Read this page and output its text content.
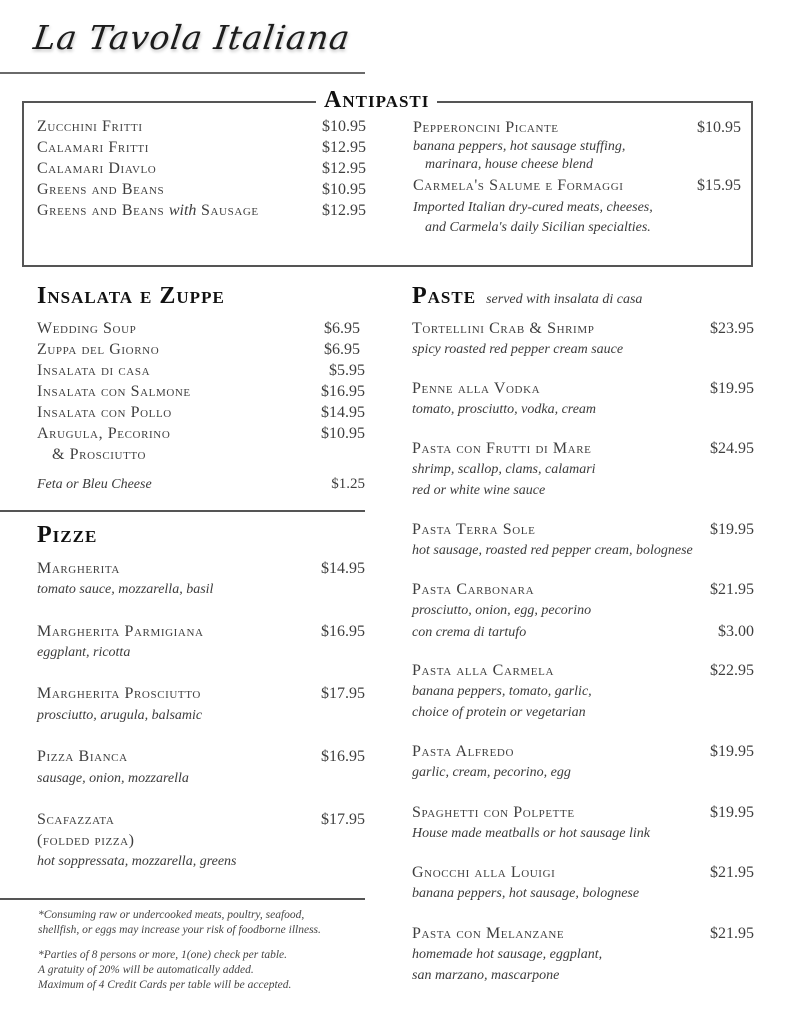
La Tavola Italiana
Antipasti
Zucchini Fritti	$10.95
Calamari Fritti	$12.95
Calamari Diavlo	$12.95
Greens and Beans	$10.95
Greens and Beans with Sausage	$12.95
Pepperoncini Picante	$10.95
banana peppers, hot sausage stuffing,
marinara, house cheese blend
Carmela's Salume e Formaggi	$15.95
Imported Italian dry-cured meats, cheeses,
and Carmela's daily Sicilian specialties.
Insalata e Zuppe
Wedding Soup	$6.95
Zuppa del Giorno	$6.95
Insalata di casa	$5.95
Insalata con Salmone	$16.95
Insalata con Pollo	$14.95
Arugula, Pecorino	$10.95
& Prosciutto
Feta or Bleu Cheese	$1.25
Pizze
Margherita	$14.95
tomato sauce, mozzarella, basil
Margherita Parmigiana	$16.95
eggplant, ricotta
Margherita Prosciutto	$17.95
prosciutto, arugula, balsamic
Pizza Bianca	$16.95
sausage, onion, mozzarella
Scafazzata	$17.95
(folded pizza)
hot soppressata, mozzarella, greens
*Consuming raw or undercooked meats, poultry, seafood,
shellfish, or eggs may increase your risk of foodborne illness.
*Parties of 8 persons or more, 1(one) check per table.
A gratuity of 20% will be automatically added.
Maximum of 4 Credit Cards per table will be accepted.
Paste served with insalata di casa
Tortellini Crab & Shrimp	$23.95
spicy roasted red pepper cream sauce
Penne alla Vodka	$19.95
tomato, prosciutto, vodka, cream
Pasta con Frutti di Mare	$24.95
shrimp, scallop, clams, calamari
red or white wine sauce
Pasta Terra Sole	$19.95
hot sausage, roasted red pepper cream, bolognese
Pasta Carbonara	$21.95
prosciutto, onion, egg, pecorino
con crema di tartufo	$3.00
Pasta alla Carmela	$22.95
banana peppers, tomato, garlic,
choice of protein or vegetarian
Pasta Alfredo	$19.95
garlic, cream, pecorino, egg
Spaghetti con Polpette	$19.95
House made meatballs or hot sausage link
Gnocchi alla Louigi	$21.95
banana peppers, hot sausage, bolognese
Pasta con Melanzane	$21.95
homemade hot sausage, eggplant,
san marzano, mascarpone
